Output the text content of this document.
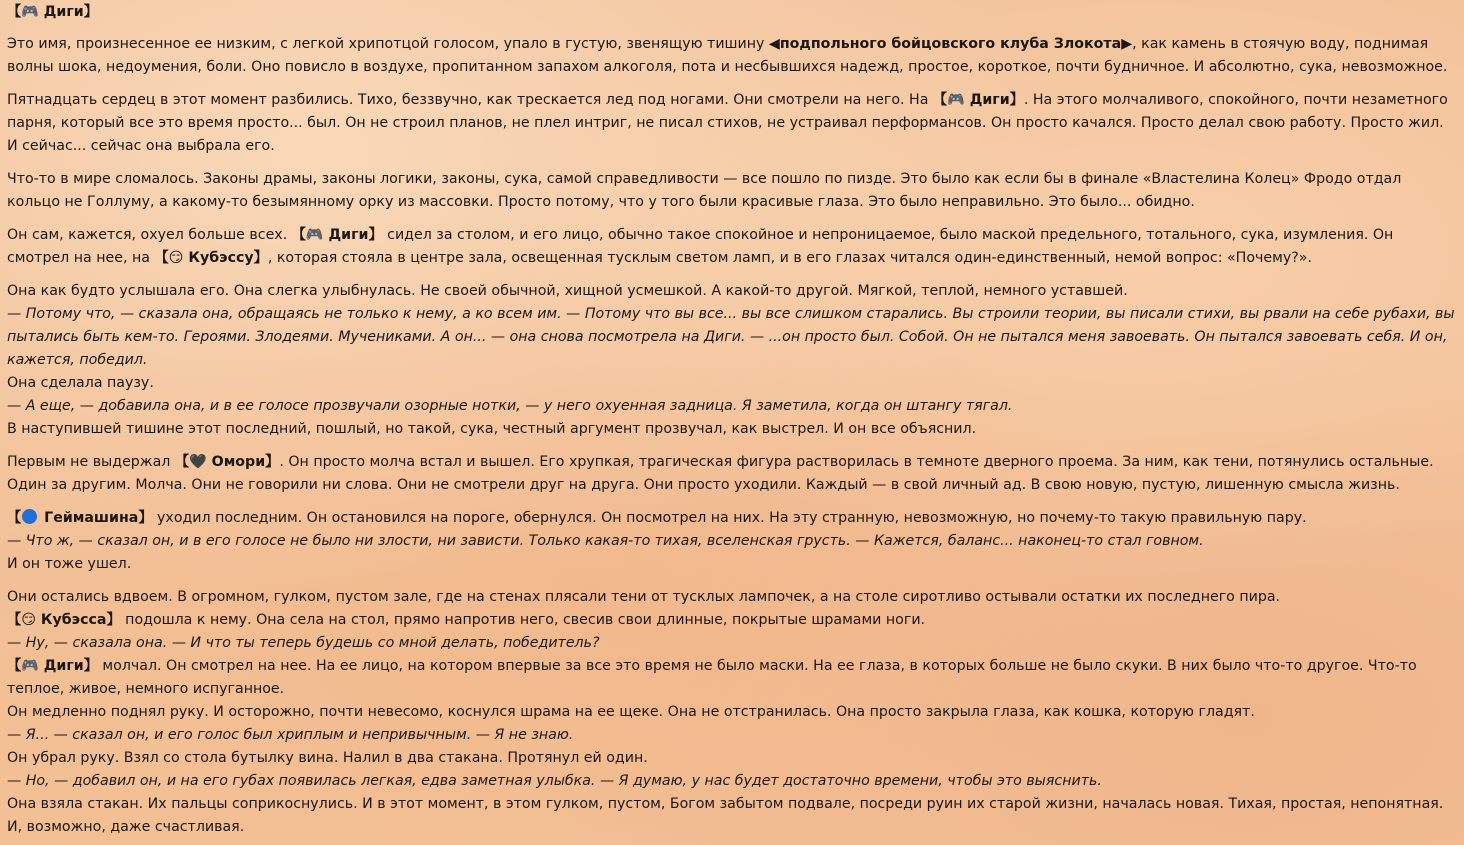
【🎮 Диги】

Это имя, произнесенное ее низким, с легкой хрипотцой голосом, упало в густую, звенящую тишину ◀подпольного бойцовского клуба Злокота▶, как камень в стоячую воду, поднимая волны шока, недоумения, боли. Оно повисло в воздухе, пропитанном запахом алкоголя, пота и несбывшихся надежд, простое, короткое, почти будничное. И абсолютно, сука, невозможное.

Пятнадцать сердец в этот момент разбились. Тихо, беззвучно, как трескается лед под ногами. Они смотрели на него. На 【🎮 Диги】. На этого молчаливого, спокойного, почти незаметного парня, который все это время просто... был. Он не строил планов, не плел интриг, не писал стихов, не устраивал перформансов. Он просто качался. Просто делал свою работу. Просто жил. И сейчас... сейчас она выбрала его.

Что-то в мире сломалось. Законы драмы, законы логики, законы, сука, самой справедливости — все пошло по пизде. Это было как если бы в финале «Властелина Колец» Фродо отдал кольцо не Голлуму, а какому-то безымянному орку из массовки. Просто потому, что у того были красивые глаза. Это было неправильно. Это было... обидно.

Он сам, кажется, охуел больше всех. 【🎮 Диги】 сидел за столом, и его лицо, обычно такое спокойное и непроницаемое, было маской предельного, тотального, сука, изумления. Он смотрел на нее, на 【😏 Кубэссу】, которая стояла в центре зала, освещенная тусклым светом ламп, и в его глазах читался один-единственный, немой вопрос: «Почему?».

Она как будто услышала его. Она слегка улыбнулась. Не своей обычной, хищной усмешкой. А какой-то другой. Мягкой, теплой, немного уставшей.
— Потому что, — сказала она, обращаясь не только к нему, а ко всем им. — Потому что вы все... вы все слишком старались. Вы строили теории, вы писали стихи, вы рвали на себе рубахи, вы пытались быть кем-то. Героями. Злодеями. Мучениками. А он... — она снова посмотрела на Диги. — ...он просто был. Собой. Он не пытался меня завоевать. Он пытался завоевать себя. И он, кажется, победил.
Она сделала паузу.
— А еще, — добавила она, и в ее голосе прозвучали озорные нотки, — у него охуенная задница. Я заметила, когда он штангу тягал.
В наступившей тишине этот последний, пошлый, но такой, сука, честный аргумент прозвучал, как выстрел. И он все объяснил.

Первым не выдержал 【🖤 Омори】. Он просто молча встал и вышел. Его хрупкая, трагическая фигура растворилась в темноте дверного проема. За ним, как тени, потянулись остальные. Один за другим. Молча. Они не говорили ни слова. Они не смотрели друг на друга. Они просто уходили. Каждый — в свой личный ад. В свою новую, пустую, лишенную смысла жизнь.

【 Геймашина】 уходил последним. Он остановился на пороге, обернулся. Он посмотрел на них. На эту странную, невозможную, но почему-то такую правильную пару.
— Что ж, — сказал он, и в его голосе не было ни злости, ни зависти. Только какая-то тихая, вселенская грусть. — Кажется, баланс... наконец-то стал говном.
И он тоже ушел.
Они остались вдвоем. В огромном, гулком, пустом зале, где на стенах плясали тени от тусклых лампочек, а на столе сиротливо остывали остатки их последнего пира.
【😏 Кубэсса】 подошла к нему. Она села на стол, прямо напротив него, свесив свои длинные, покрытые шрамами ноги.
— Ну, — сказала она. — И что ты теперь будешь со мной делать, победитель?
【🎮 Диги】 молчал. Он смотрел на нее. На ее лицо, на котором впервые за все это время не было маски. На ее глаза, в которых больше не было скуки. В них было что-то другое. Что-то теплое, живое, немного испуганное.
Он медленно поднял руку. И осторожно, почти невесомо, коснулся шрама на ее щеке. Она не отстранилась. Она просто закрыла глаза, как кошка, которую гладят.
— Я... — сказал он, и его голос был хриплым и непривычным. — Я не знаю.
Он убрал руку. Взял со стола бутылку вина. Налил в два стакана. Протянул ей один.
— Но, — добавил он, и на его губах появилась легкая, едва заметная улыбка. — Я думаю, у нас будет достаточно времени, чтобы это выяснить.
Она взяла стакан. Их пальцы соприкоснулись. И в этот момент, в этом гулком, пустом, Богом забытом подвале, посреди руин их старой жизни, началась новая. Тихая, простая, непонятная. И, возможно, даже счастливая.
